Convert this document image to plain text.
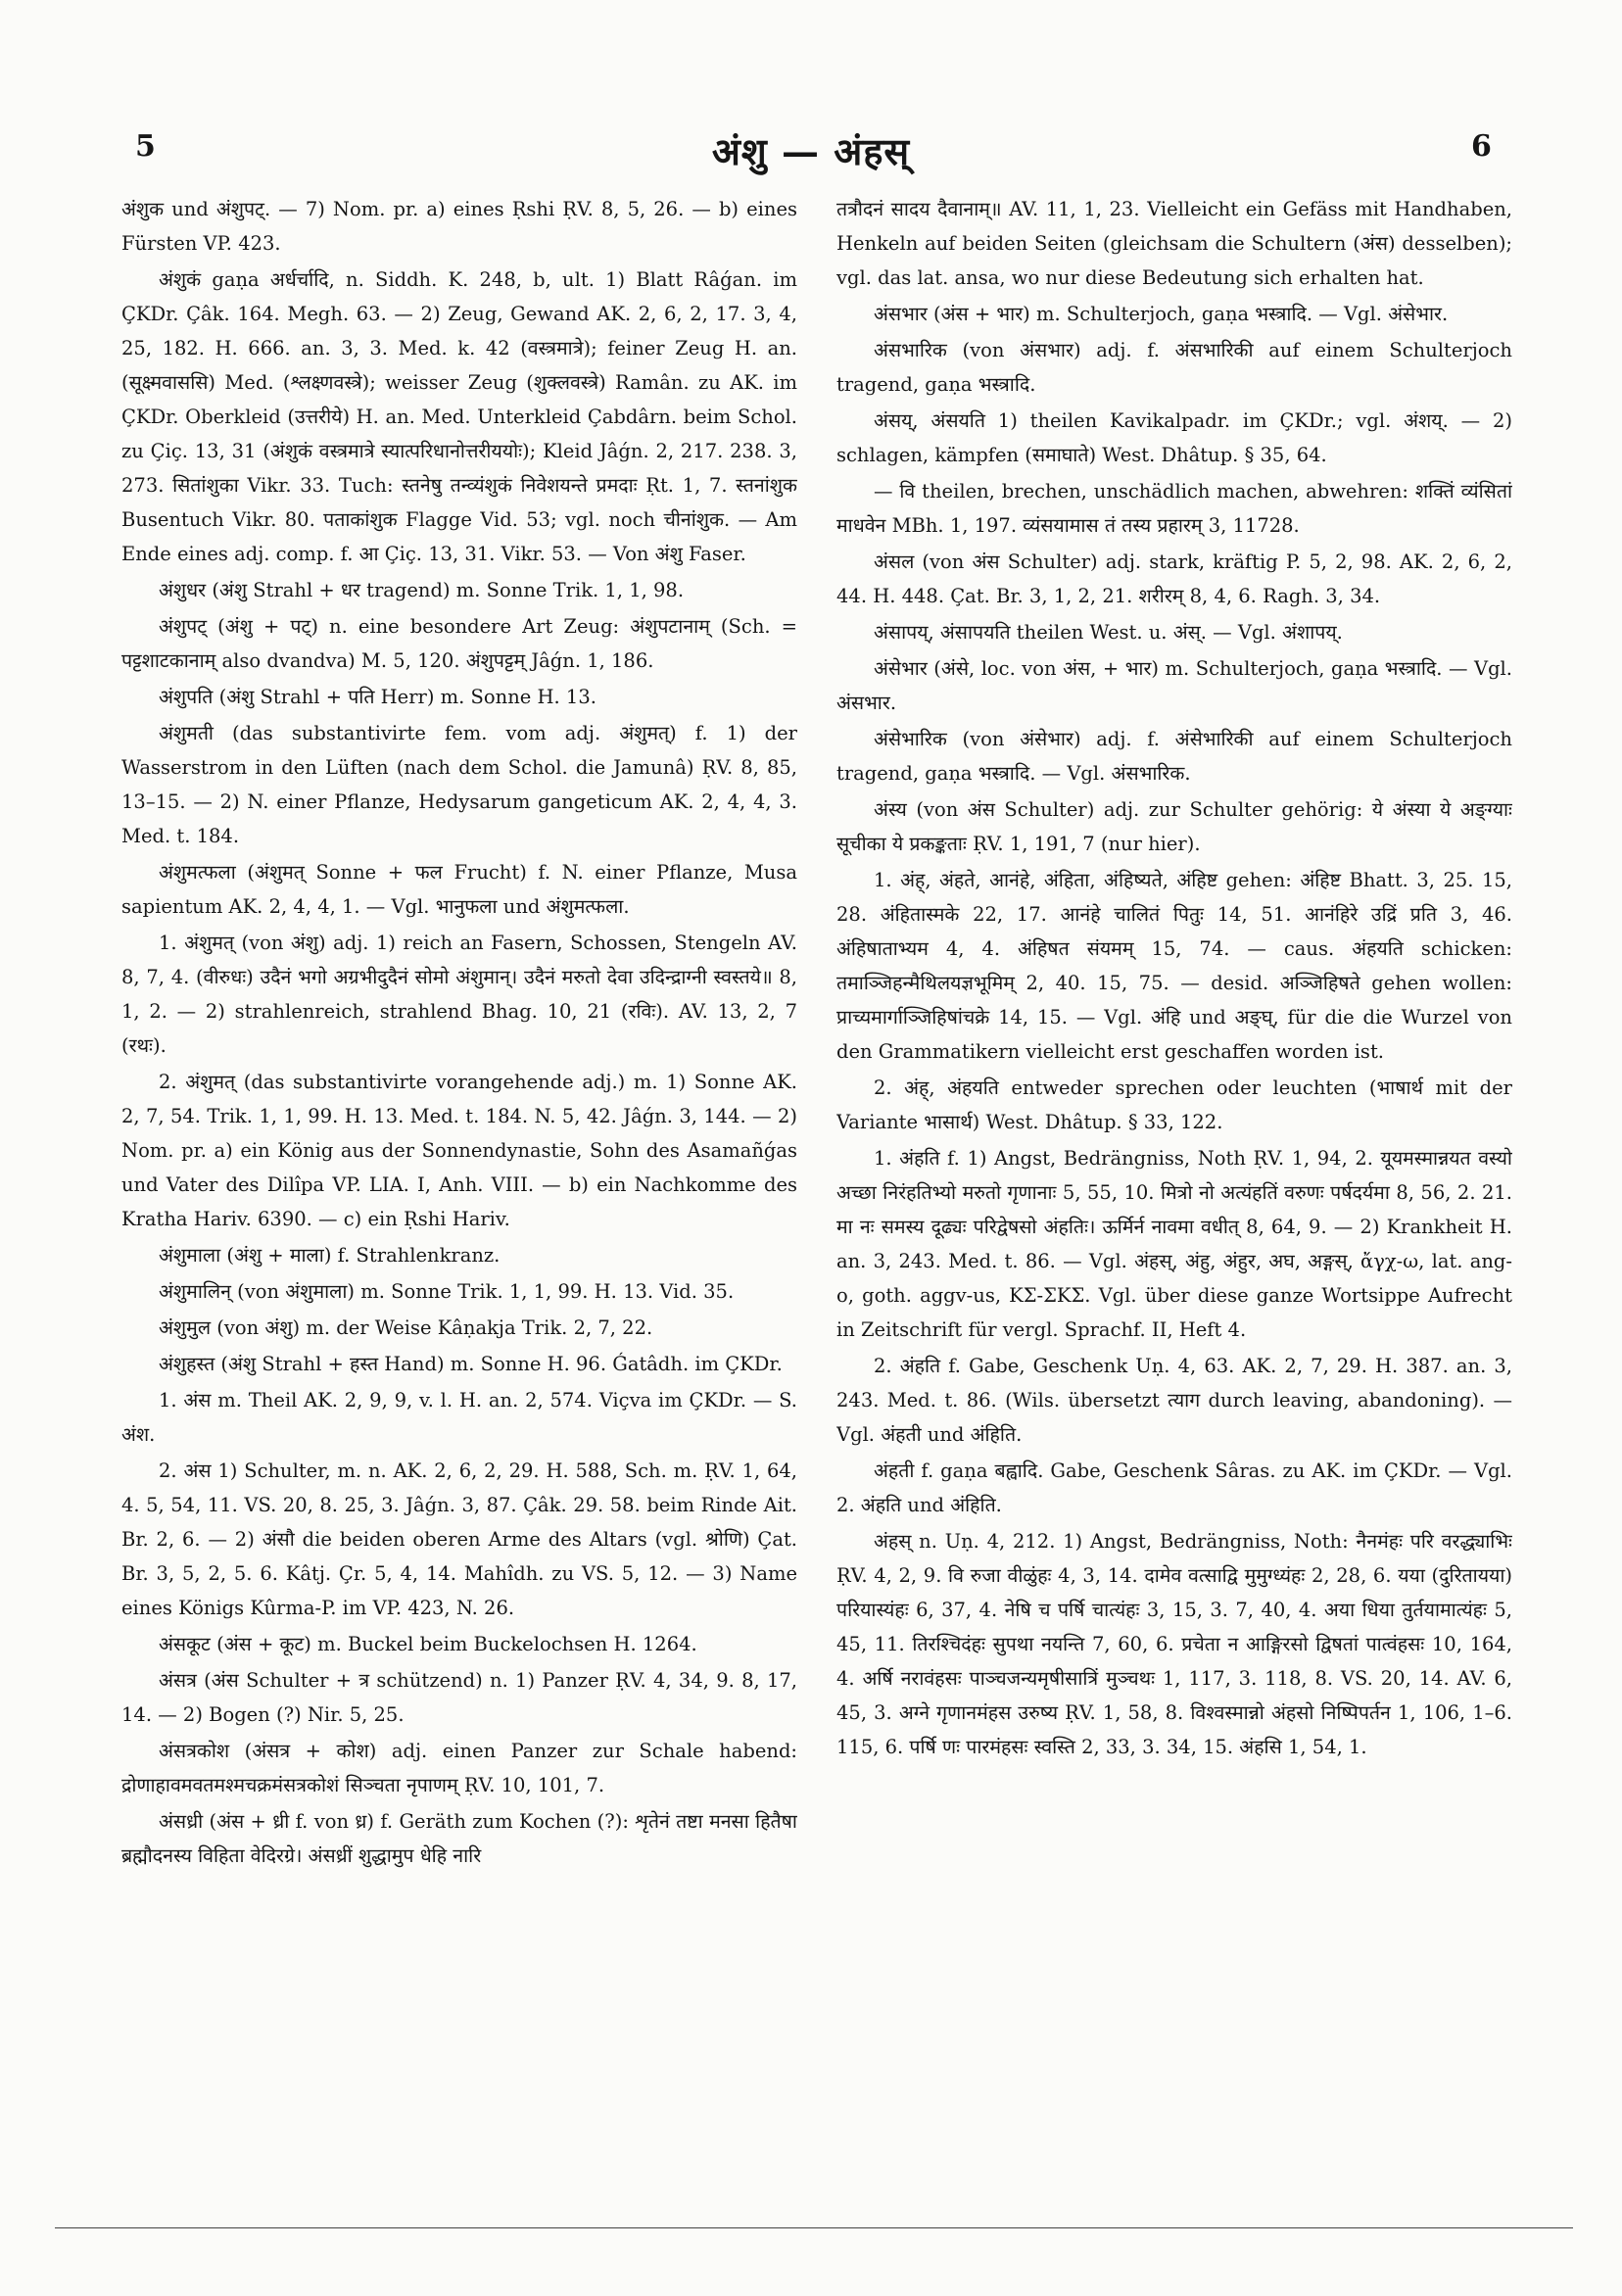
5	अंशु — अंहस्	6

अंशुक und अंशुपट्. — 7) Nom. pr. a) eines Ṛshi ṚV. 8, 5, 26. — b) eines Fürsten VP. 423.

अंशुकं gaṇa अर्धर्चादि, n. Siddh. K. 248, b, ult. 1) Blatt Râǵan. im ÇKDr. Çâk. 164. Megh. 63. — 2) Zeug, Gewand AK. 2, 6, 2, 17. 3, 4, 25, 182. H. 666. an. 3, 3. Med. k. 42 (वस्त्रमात्रे); feiner Zeug H. an. (सूक्ष्मवाससि) Med. (श्लक्ष्णवस्त्रे); weisser Zeug (शुक्लवस्त्रे) Ramân. zu AK. im ÇKDr. Oberkleid (उत्तरीये) H. an. Med. Unterkleid Çabdârn. beim Schol. zu Çiç. 13, 31 (अंशुकं वस्त्रमात्रे स्यात्परिधानोत्तरीययोः); Kleid Jâǵn. 2, 217. 238. 3, 273. सितांशुका Vikr. 33. Tuch: स्तनेषु तन्व्यंशुकं निवेशयन्ते प्रमदाः Ṛt. 1, 7. स्तनांशुक Busentuch Vikr. 80. पताकांशुक Flagge Vid. 53; vgl. noch चीनांशुक. — Am Ende eines adj. comp. f. आ Çiç. 13, 31. Vikr. 53. — Von अंशु Faser.

अंशुधर (अंशु Strahl + धर tragend) m. Sonne Trik. 1, 1, 98.

अंशुपट् (अंशु + पट्) n. eine besondere Art Zeug: अंशुपटानाम् (Sch. = पट्टशाटकानाम् also dvandva) M. 5, 120. अंशुपट्टम् Jâǵn. 1, 186.

अंशुपति (अंशु Strahl + पति Herr) m. Sonne H. 13.

अंशुमती (das substantivirte fem. vom adj. अंशुमत्) f. 1) der Wasserstrom in den Lüften (nach dem Schol. die Jamunâ) ṚV. 8, 85, 13–15. — 2) N. einer Pflanze, Hedysarum gangeticum AK. 2, 4, 4, 3. Med. t. 184.

अंशुमत्फला (अंशुमत् Sonne + फल Frucht) f. N. einer Pflanze, Musa sapientum AK. 2, 4, 4, 1. — Vgl. भानुफला und अंशुमत्फला.

1. अंशुमत् (von अंशु) adj. 1) reich an Fasern, Schossen, Stengeln AV. 8, 7, 4. (वीरुधः) उदैनं भगो अग्रभीदुदैनं सोमो अंशुमान्। उदैनं मरुतो देवा उदिन्द्राग्नी स्वस्तये॥ 8, 1, 2. — 2) strahlenreich, strahlend Bhag. 10, 21 (रविः). AV. 13, 2, 7 (रथः).

2. अंशुमत् (das substantivirte vorangehende adj.) m. 1) Sonne AK. 2, 7, 54. Trik. 1, 1, 99. H. 13. Med. t. 184. N. 5, 42. Jâǵn. 3, 144. — 2) Nom. pr. a) ein König aus der Sonnendynastie, Sohn des Asamañǵas und Vater des Dilîpa VP. LIA. I, Anh. VIII. — b) ein Nachkomme des Kratha Hariv. 6390. — c) ein Ṛshi Hariv.

अंशुमाला (अंशु + माला) f. Strahlenkranz.

अंशुमालिन् (von अंशुमाला) m. Sonne Trik. 1, 1, 99. H. 13. Vid. 35.

अंशुमुल (von अंशु) m. der Weise Kâṇakja Trik. 2, 7, 22.

अंशुहस्त (अंशु Strahl + हस्त Hand) m. Sonne H. 96. Ǵatâdh. im ÇKDr.

1. अंस m. Theil AK. 2, 9, 9, v. l. H. an. 2, 574. Viçva im ÇKDr. — S. अंश.

2. अंस 1) Schulter, m. n. AK. 2, 6, 2, 29. H. 588, Sch. m. ṚV. 1, 64, 4. 5, 54, 11. VS. 20, 8. 25, 3. Jâǵn. 3, 87. Çâk. 29. 58. beim Rinde Ait. Br. 2, 6. — 2) अंसौ die beiden oberen Arme des Altars (vgl. श्रोणि) Çat. Br. 3, 5, 2, 5. 6. Kâtj. Çr. 5, 4, 14. Mahîdh. zu VS. 5, 12. — 3) Name eines Königs Kûrma-P. im VP. 423, N. 26.

अंसकूट (अंस + कूट) m. Buckel beim Buckelochsen H. 1264.

अंसत्र (अंस Schulter + त्र schützend) n. 1) Panzer ṚV. 4, 34, 9. 8, 17, 14. — 2) Bogen (?) Nir. 5, 25.

अंसत्रकोश (अंसत्र + कोश) adj. einen Panzer zur Schale habend: द्रोणाहावमवतमश्मचक्रमंसत्रकोशं सिञ्चता नृपाणम् ṚV. 10, 101, 7.

अंसध्री (अंस + ध्री f. von ध्र) f. Geräth zum Kochen (?): शृतेनं तष्टा मनसा हितैषा ब्रह्मौदनस्य विहिता वेदिरग्रे। अंसध्रीं शुद्धामुप धेहि नारि

तत्रौदनं सादय दैवानाम्॥ AV. 11, 1, 23. Vielleicht ein Gefäss mit Handhaben, Henkeln auf beiden Seiten (gleichsam die Schultern (अंस) desselben); vgl. das lat. ansa, wo nur diese Bedeutung sich erhalten hat.

अंसभार (अंस + भार) m. Schulterjoch, gaṇa भस्त्रादि. — Vgl. अंसेभार.

अंसभारिक (von अंसभार) adj. f. अंसभारिकी auf einem Schulterjoch tragend, gaṇa भस्त्रादि.

अंसय्, अंसयति 1) theilen Kavikalpadr. im ÇKDr.; vgl. अंशय्. — 2) schlagen, kämpfen (समाघाते) West. Dhâtup. § 35, 64.

— वि theilen, brechen, unschädlich machen, abwehren: शक्तिं व्यंसितां माधवेन MBh. 1, 197. व्यंसयामास तं तस्य प्रहारम् 3, 11728.

अंसल (von अंस Schulter) adj. stark, kräftig P. 5, 2, 98. AK. 2, 6, 2, 44. H. 448. Çat. Br. 3, 1, 2, 21. शरीरम् 8, 4, 6. Ragh. 3, 34.

अंसापय्, अंसापयति theilen West. u. अंस्. — Vgl. अंशापय्.

अंसेभार (अंसे, loc. von अंस, + भार) m. Schulterjoch, gaṇa भस्त्रादि. — Vgl. अंसभार.

अंसेभारिक (von अंसेभार) adj. f. अंसेभारिकी auf einem Schulterjoch tragend, gaṇa भस्त्रादि. — Vgl. अंसभारिक.

अंस्य (von अंस Schulter) adj. zur Schulter gehörig: ये अंस्या ये अङ्ग्याः सूचीका ये प्रकङ्कताः ṚV. 1, 191, 7 (nur hier).

1. अंह्, अंहते, आनंहे, अंहिता, अंहिष्यते, अंहिष्ट gehen: अंहिष्ट Bhatt. 3, 25. 15, 28. अंहितास्मके 22, 17. आनंहे चालितं पितुः 14, 51. आनंहिरे उद्रिं प्रति 3, 46. अंहिषाताभ्यम 4, 4. अंहिषत संयमम् 15, 74. — caus. अंहयति schicken: तमाञ्जिहन्मैथिलयज्ञभूमिम् 2, 40. 15, 75. — desid. अञ्जिहिषते gehen wollen: प्राच्यमार्गाञ्जिहिषांचक्रे 14, 15. — Vgl. अंहि und अङ्घ्, für die die Wurzel von den Grammatikern vielleicht erst geschaffen worden ist.

2. अंह्, अंहयति entweder sprechen oder leuchten (भाषार्थ mit der Variante भासार्थ) West. Dhâtup. § 33, 122.

1. अंहति f. 1) Angst, Bedrängniss, Noth ṚV. 1, 94, 2. यूयमस्मान्नयत वस्यो अच्छा निरंहतिभ्यो मरुतो गृणानाः 5, 55, 10. मित्रो नो अत्यंहतिं वरुणः पर्षदर्यमा 8, 56, 2. 21. मा नः समस्य दूढ्यः परिद्वेषसो अंहतिः। ऊर्मिर्न नावमा वधीत् 8, 64, 9. — 2) Krankheit H. an. 3, 243. Med. t. 86. — Vgl. अंहस्, अंहु, अंहुर, अघ, अङ्गस्, ἄγχ-ω, lat. ang-o, goth. aggv-us, ΚΣ-ΣΚΣ. Vgl. über diese ganze Wortsippe Aufrecht in Zeitschrift für vergl. Sprachf. II, Heft 4.

2. अंहति f. Gabe, Geschenk Uṇ. 4, 63. AK. 2, 7, 29. H. 387. an. 3, 243. Med. t. 86. (Wils. übersetzt त्याग durch leaving, abandoning). — Vgl. अंहती und अंहिति.

अंहती f. gaṇa बह्वादि. Gabe, Geschenk Sâras. zu AK. im ÇKDr. — Vgl. 2. अंहति und अंहिति.

अंहस् n. Uṇ. 4, 212. 1) Angst, Bedrängniss, Noth: नैनमंहः परि वरद्ध्याभिः ṚV. 4, 2, 9. वि रुजा वीळुंहः 4, 3, 14. दामेव वत्साद्वि मुमुग्ध्यंहः 2, 28, 6. यया (दुरितायया) परियास्यंहः 6, 37, 4. नेषि च पर्षि चात्यंहः 3, 15, 3. 7, 40, 4. अया धिया तुर्तयामात्यंहः 5, 45, 11. तिरश्चिदंहः सुपथा नयन्ति 7, 60, 6. प्रचेता न आङ्गिरसो द्विषतां पात्वंहसः 10, 164, 4. अर्षि नरावंहसः पाञ्चजन्यमृषीसात्रिं मुञ्चथः 1, 117, 3. 118, 8. VS. 20, 14. AV. 6, 45, 3. अग्ने गृणानमंहस उरुष्य ṚV. 1, 58, 8. विश्वस्मान्नो अंहसो निष्पिपर्तन 1, 106, 1–6. 115, 6. पर्षि णः पारमंहसः स्वस्ति 2, 33, 3. 34, 15. अंहसि 1, 54, 1.
